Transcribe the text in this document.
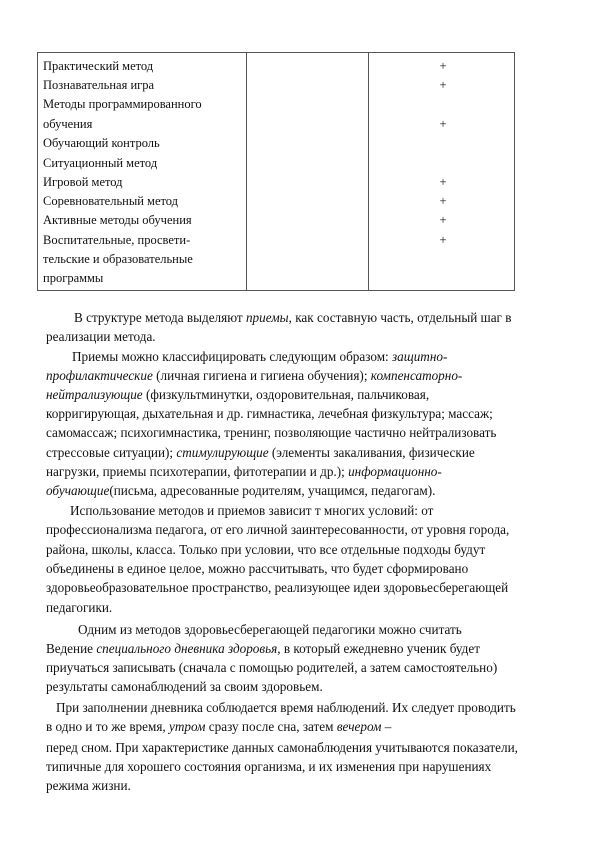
Практический метод	+
Познавательная игра	+
Методы программированного
обучения	+
Обучающий контроль
Ситуационный метод
Игровой метод	+
Соревновательный метод	+
Активные методы обучения	+
Воспитательные, просвети-	+
тельские и образовательные
программы
В структуре метода выделяют приемы, как составную часть, отдельный шаг в
реализации метода.
Приемы можно классифицировать следующим образом: защитно-
профилактические (личная гигиена и гигиена обучения); компенсаторно-
нейтрализующие (физкультминутки, оздоровительная, пальчиковая,
корригирующая, дыхательная и др. гимнастика, лечебная физкультура; массаж;
самомассаж; психогимнастика, тренинг, позволяющие частично нейтрализовать
стрессовые ситуации); стимулирующие (элементы закаливания, физические
нагрузки, приемы психотерапии, фитотерапии и др.); информационно-
обучающие(письма, адресованные родителям, учащимся, педагогам).
Использование методов и приемов зависит т многих условий: от
профессионализма педагога, от его личной заинтересованности, от уровня города,
района, школы, класса. Только при условии, что все отдельные подходы будут
объединены в единое целое, можно рассчитывать, что будет сформировано
здоровьеобразовательное пространство, реализующее идеи здоровьесберегающей
педагогики.
Одним из методов здоровьесберегающей педагогики можно считать
Ведение специального дневника здоровья, в который ежедневно ученик будет
приучаться записывать (сначала с помощью родителей, а затем самостоятельно)
результаты самонаблюдений за своим здоровьем.
При заполнении дневника соблюдается время наблюдений. Их следует проводить
в одно и то же время, утром сразу после сна, затем вечером –
перед сном. При характеристике данных самонаблюдения учитываются показатели,
типичные для хорошего состояния организма, и их изменения при нарушениях
режима жизни.
